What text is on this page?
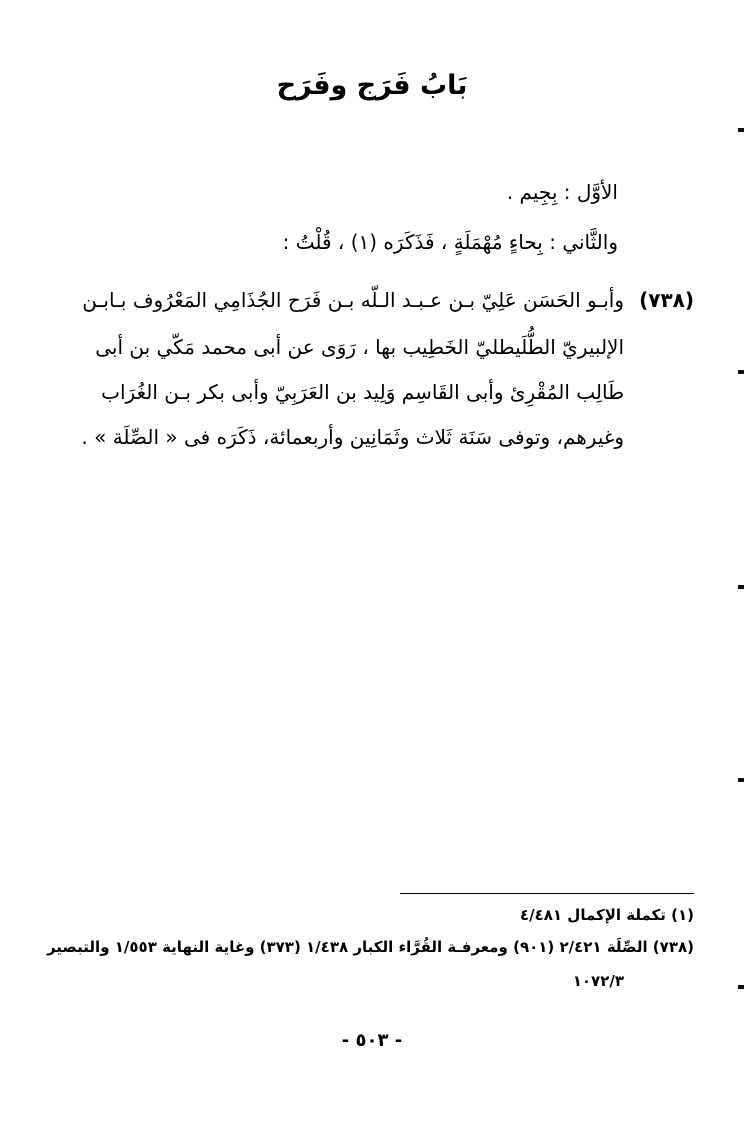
بَابُ فَرَج وفَرَح
الأوَّل : بِجِيم .
والثَّاني : بِحاءٍ مُهْمَلَةٍ ، فَذَكَرَه (١) ، قُلْتُ :
(٧٣٨)
وأبـو الحَسَن عَلِيّ بـن عـبـد الـلّه بـن فَرَح الجُذَامِي المَعْرُوف بـابـن
الإلبيريّ الطُّلَيطليّ الخَطِيب بها ، رَوَى عن أبى محمد مَكّي بن أبى
طَالِب المُقْرِئ وأبى القَاسِم وَلِيد بن العَرَبِيّ وأبى بكر بـن الغُرَاب
وغيرهم، وتوفى سَنَة ثَلاث وثَمَانِين وأربعمائة، ذَكَرَه فى « الصِّلَة » .
(١) تكملة الإكمال ٤/٤٨١
(٧٣٨) الصِّلَة ٢/٤٢١ (٩٠١) ومعرفـة القُرَّاء الكبار ١/٤٣٨ (٣٧٣) وغاية النهاية ١/٥٥٣ والتبصير
١٠٧٢/٣
- ٥٠٣ -
